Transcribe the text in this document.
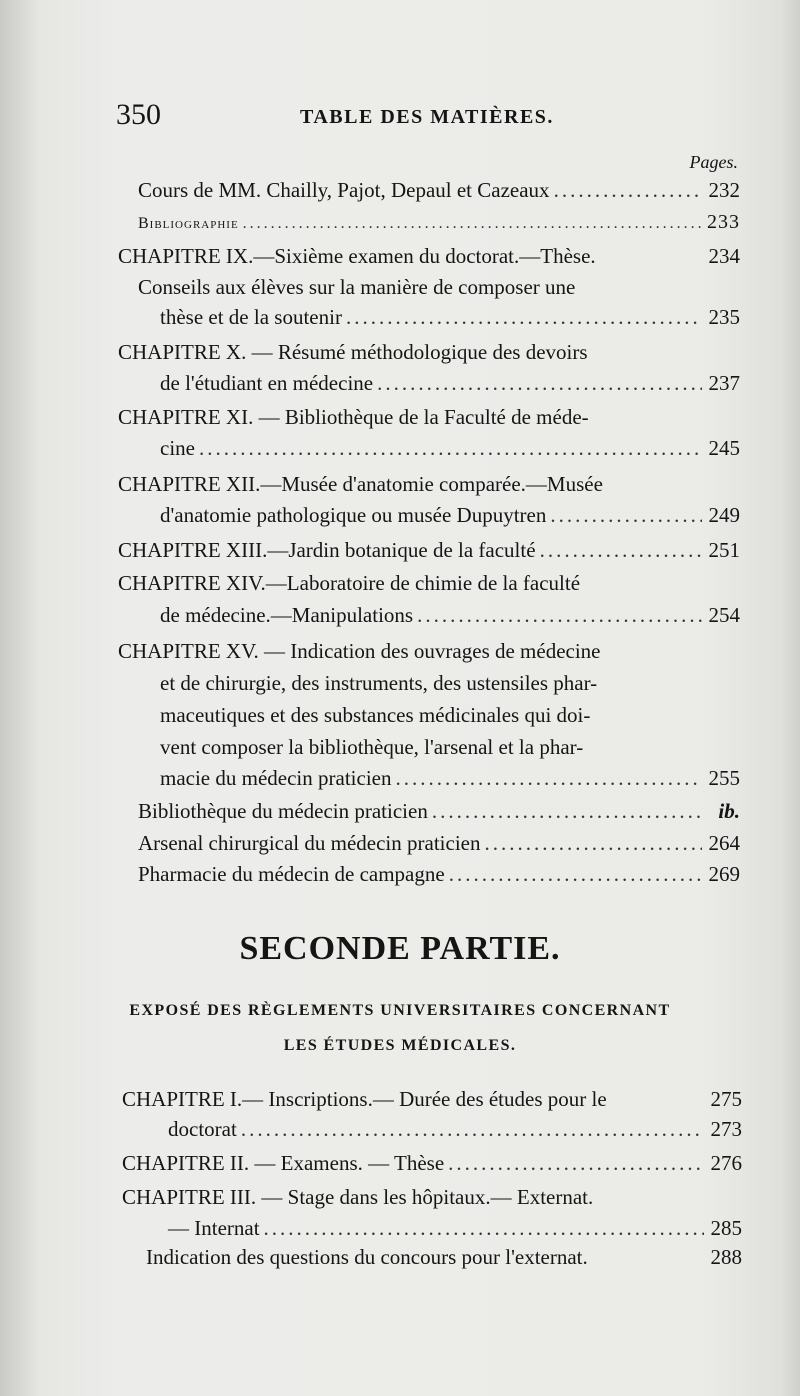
350	TABLE DES MATIÈRES.
Pages.
Cours de MM. Chailly, Pajot, Depaul et Cazeaux .....	232
Bibliographie .....	233
CHAPITRE IX.—Sixième examen du doctorat.—Thèse.	234
Conseils aux élèves sur la manière de composer une
thèse et de la soutenir .....	235
CHAPITRE X. — Résumé méthodologique des devoirs
de l'étudiant en médecine .....	237
CHAPITRE XI. — Bibliothèque de la Faculté de méde-
cine .....	245
CHAPITRE XII.—Musée d'anatomie comparée.—Musée
d'anatomie pathologique ou musée Dupuytren .....	249
CHAPITRE XIII.—Jardin botanique de la faculté .....	251
CHAPITRE XIV.—Laboratoire de chimie de la faculté
de médecine.—Manipulations .....	254
CHAPITRE XV. — Indication des ouvrages de médecine
et de chirurgie, des instruments, des ustensiles phar-
maceutiques et des substances médicinales qui doi-
vent composer la bibliothèque, l'arsenal et la phar-
macie du médecin praticien .....	255
Bibliothèque du médecin praticien .....	ib.
Arsenal chirurgical du médecin praticien .....	264
Pharmacie du médecin de campagne .....	269
SECONDE PARTIE.
EXPOSÉ DES RÈGLEMENTS UNIVERSITAIRES CONCERNANT
LES ÉTUDES MÉDICALES.
CHAPITRE I.— Inscriptions.— Durée des études pour le	275
doctorat .....	273
CHAPITRE II. — Examens. — Thèse .....	276
CHAPITRE III. — Stage dans les hôpitaux.— Externat.
— Internat .....	285
Indication des questions du concours pour l'externat.	288
